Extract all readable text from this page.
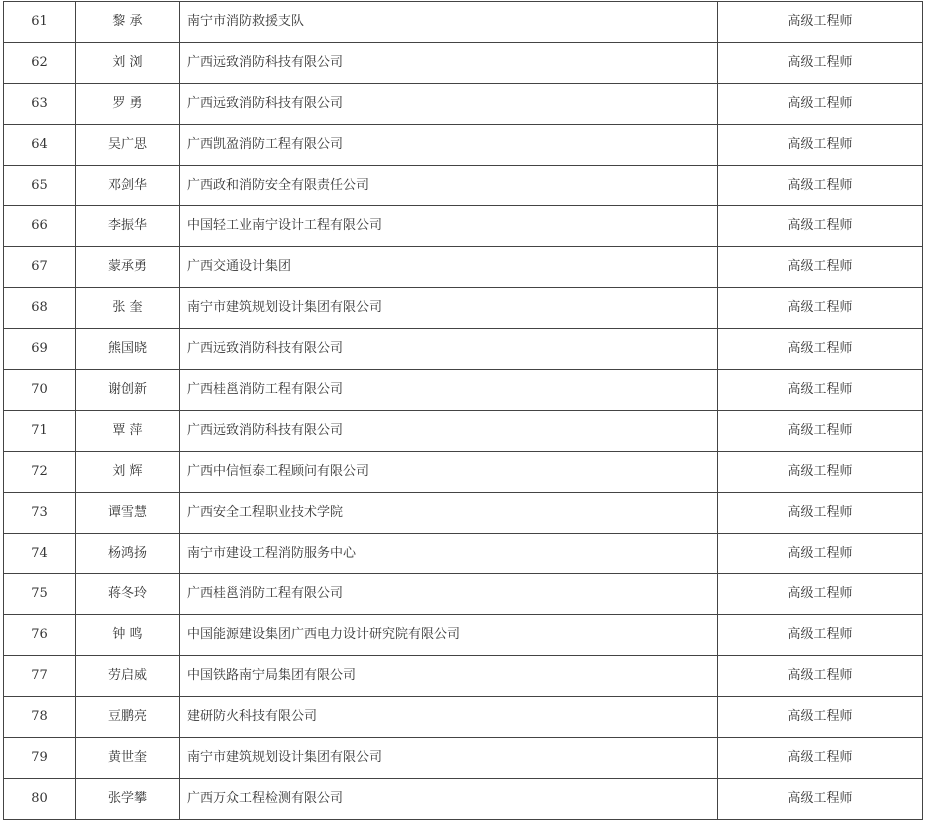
61	黎 承	南宁市消防救援支队	高级工程师
62	刘 浏	广西远致消防科技有限公司	高级工程师
63	罗 勇	广西远致消防科技有限公司	高级工程师
64	吴广思	广西凯盈消防工程有限公司	高级工程师
65	邓剑华	广西政和消防安全有限责任公司	高级工程师
66	李振华	中国轻工业南宁设计工程有限公司	高级工程师
67	蒙承勇	广西交通设计集团	高级工程师
68	张 奎	南宁市建筑规划设计集团有限公司	高级工程师
69	熊国晓	广西远致消防科技有限公司	高级工程师
70	谢创新	广西桂邕消防工程有限公司	高级工程师
71	覃 萍	广西远致消防科技有限公司	高级工程师
72	刘 辉	广西中信恒泰工程顾问有限公司	高级工程师
73	谭雪慧	广西安全工程职业技术学院	高级工程师
74	杨鸿扬	南宁市建设工程消防服务中心	高级工程师
75	蒋冬玲	广西桂邕消防工程有限公司	高级工程师
76	钟 鸣	中国能源建设集团广西电力设计研究院有限公司	高级工程师
77	劳启威	中国铁路南宁局集团有限公司	高级工程师
78	豆鹏亮	建研防火科技有限公司	高级工程师
79	黄世奎	南宁市建筑规划设计集团有限公司	高级工程师
80	张学攀	广西万众工程检测有限公司	高级工程师
